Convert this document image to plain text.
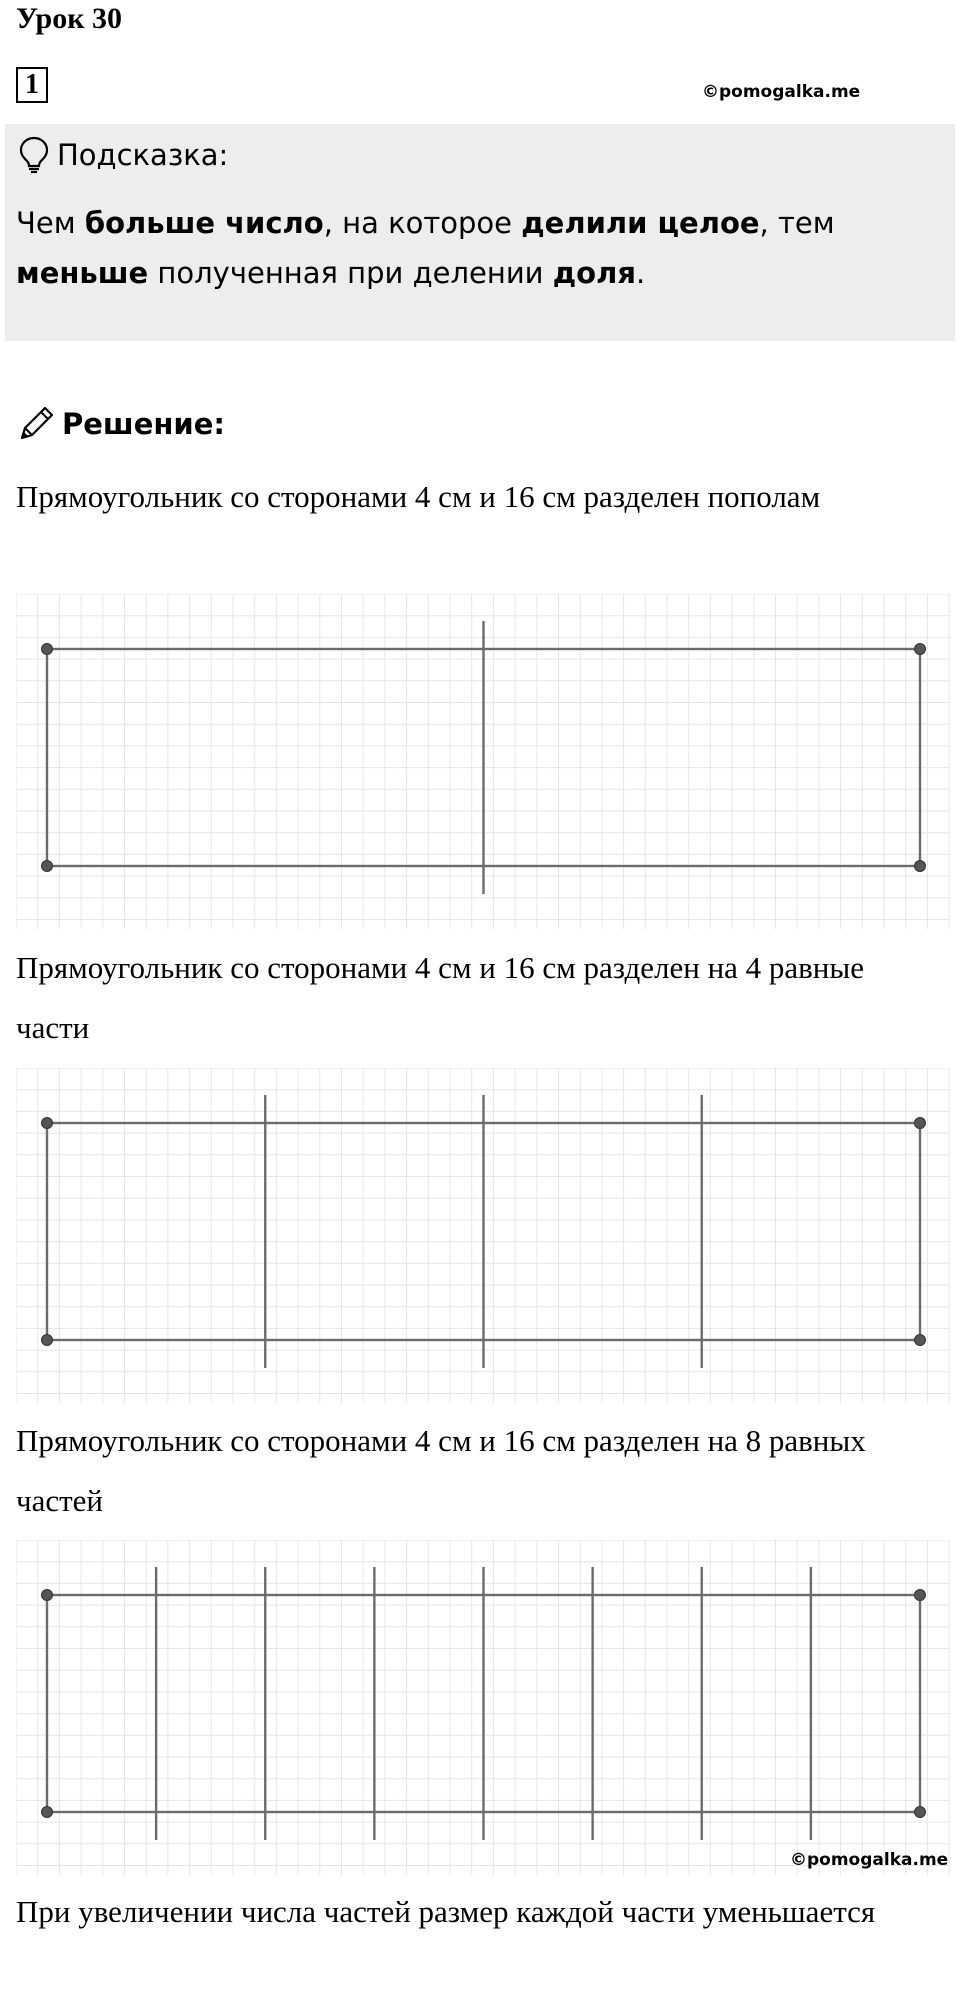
Урок 30
1	©pomogalka.me
Подсказка:
Чем больше число, на которое делили целое, тем меньше полученная при делении доля.
Решение:
Прямоугольник со сторонами 4 см и 16 см разделен пополам
Прямоугольник со сторонами 4 см и 16 см разделен на 4 равные части
Прямоугольник со сторонами 4 см и 16 см разделен на 8 равных частей
©pomogalka.me
При увеличении числа частей размер каждой части уменьшается
